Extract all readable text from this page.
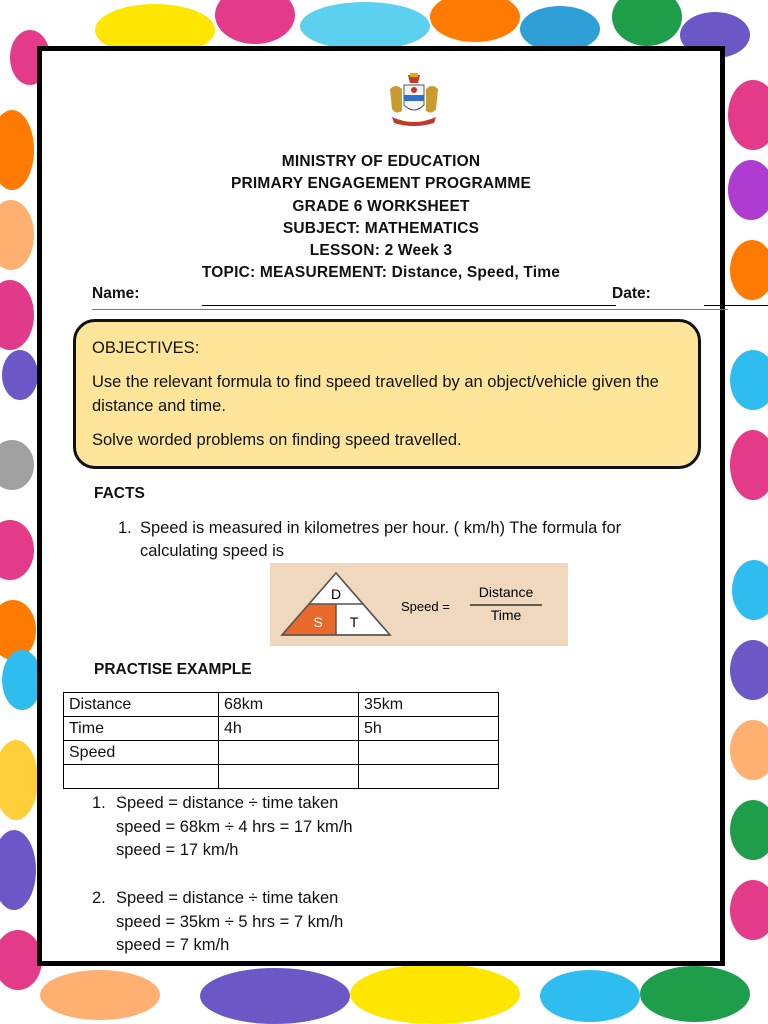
MINISTRY OF EDUCATION
PRIMARY ENGAGEMENT PROGRAMME
GRADE 6 WORKSHEET
SUBJECT: MATHEMATICS
LESSON: 2 Week 3
TOPIC: MEASUREMENT: Distance, Speed, Time
Name:	Date:
OBJECTIVES:
Use the relevant formula to find speed travelled by an object/vehicle given the distance and time.
Solve worded problems on finding speed travelled.
FACTS
1. Speed is measured in kilometres per hour. ( km/h) The formula for calculating speed is
D
S T
Speed =
Distance
Time
PRACTISE EXAMPLE
Distance	68km	35km
Time	4h	5h
Speed		

1. Speed = distance ÷ time taken
speed = 68km ÷ 4 hrs = 17 km/h
speed = 17 km/h
2. Speed = distance ÷ time taken
speed = 35km ÷ 5 hrs = 7 km/h
speed = 7 km/h
